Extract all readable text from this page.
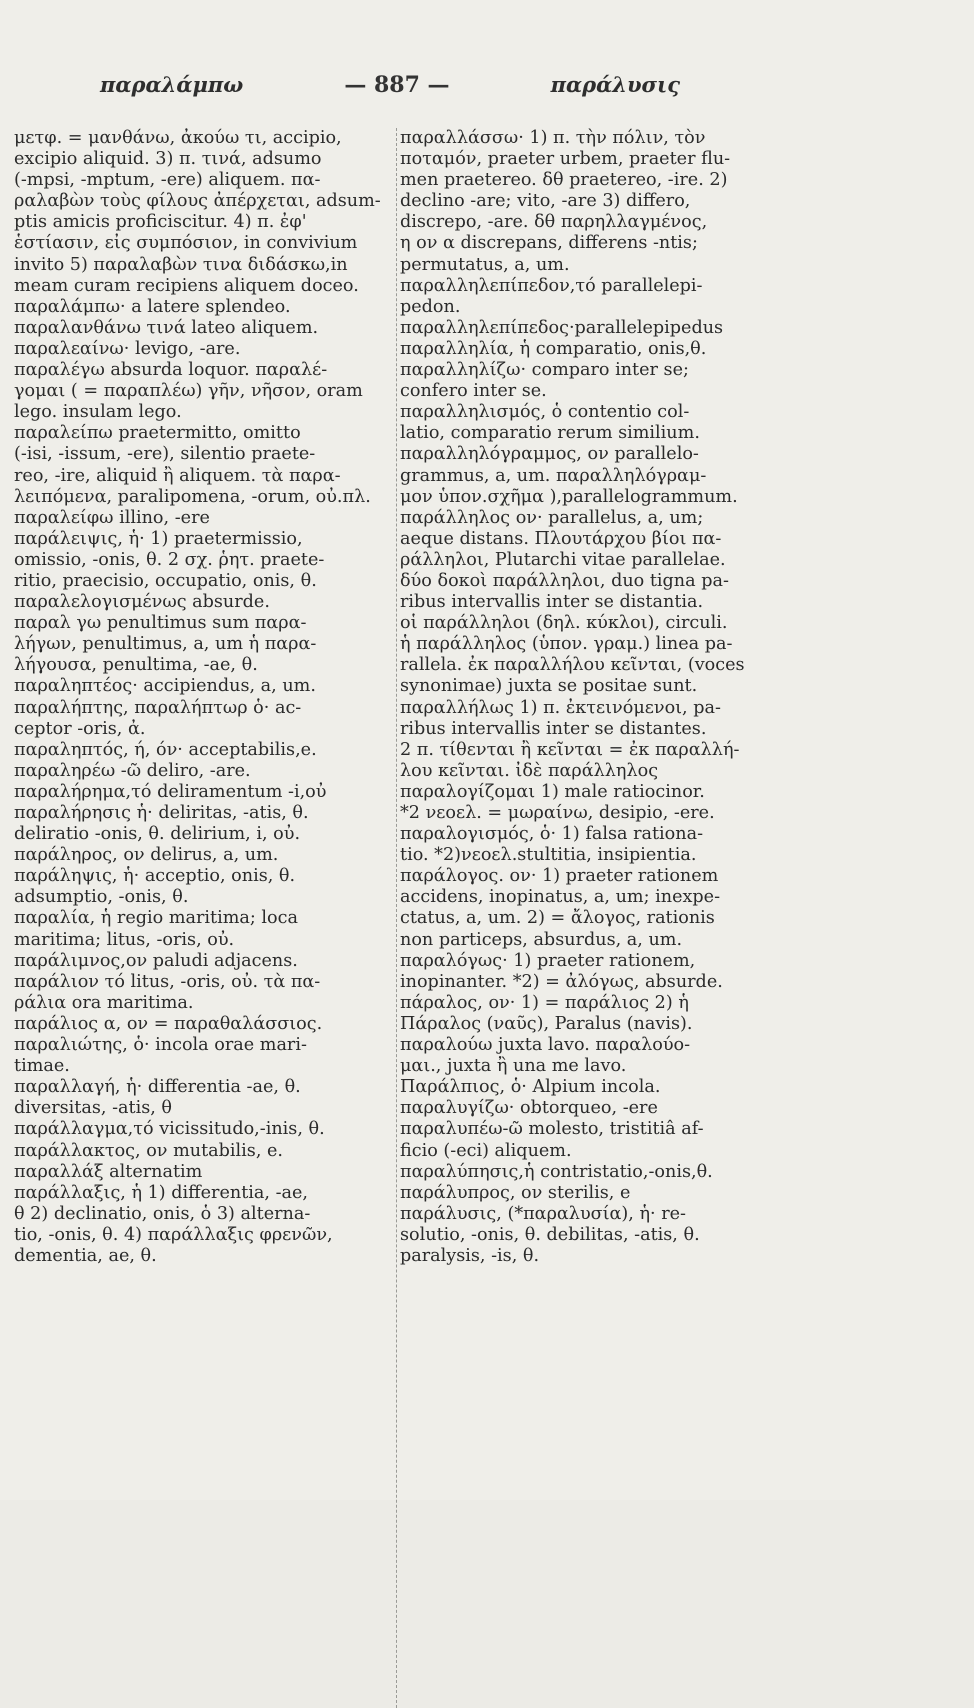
παραλάμπω	— 887 —	παράλυσις
μετφ. = μανθάνω, ἀκούω τι, accipio,
excipio aliquid. 3) π. τινά, adsumo
(-mpsi, -mptum, -ere) aliquem. πα-
ραλαβὼν τοὺς φίλους ἀπέρχεται, adsum-
ptis amicis proficiscitur. 4) π. ἐφ'
ἑστίασιν, εἰς συμπόσιον, in convivium
invito 5) παραλαβὼν τινα διδάσκω,in
meam curam recipiens aliquem doceo.
παραλάμπω· a latere splendeo.
παραλανθάνω τινά lateo aliquem.
παραλεαίνω· levigo, -are.
παραλέγω absurda loquor. παραλέ-
γομαι ( = παραπλέω) γῆν, νῆσον, oram
lego. insulam lego.
παραλείπω praetermitto, omitto
(-isi, -issum, -ere), silentio praete-
reo, -ire, aliquid ἢ aliquem. τὰ παρα-
λειπόμενα, paralipomena, -orum, οὐ.πλ.
παραλείφω illino, -ere
παράλειψις, ἡ· 1) praetermissio,
omissio, -onis, θ. 2 σχ. ῥητ. praete-
ritio, praecisio, occupatio, onis, θ.
παραλελογισμένως absurde.
παραλ γω penultimus sum παρα-
λήγων, penultimus, a, um ἡ παρα-
λήγουσα, penultima, -ae, θ.
παραληπτέος· accipiendus, a, um.
παραλήπτης, παραλήπτωρ ὁ· ac-
ceptor -oris, ἀ.
παραληπτός, ή, όν· acceptabilis,e.
παραληρέω -ῶ deliro, -are.
παραλήρημα,τό deliramentum -i,οὐ
παραλήρησις ἡ· deliritas, -atis, θ.
deliratio -onis, θ. delirium, i, οὐ.
παράληρος, ον delirus, a, um.
παράληψις, ἡ· acceptio, onis, θ.
adsumptio, -onis, θ.
παραλία, ἡ regio maritima; loca
maritima; litus, -oris, οὐ.
παράλιμνος,ον paludi adjacens.
παράλιον τό litus, -oris, οὐ. τὰ πα-
ράλια ora maritima.
παράλιος α, ον = παραθαλάσσιος.
παραλιώτης, ὁ· incola orae mari-
timae.
παραλλαγή, ἡ· differentia -ae, θ.
diversitas, -atis, θ
παράλλαγμα,τό vicissitudo,-inis, θ.
παράλλακτος, ον mutabilis, e.
παραλλάξ alternatim
παράλλαξις, ἡ 1) differentia, -ae,
θ 2) declinatio, onis, ὁ 3) alterna-
tio, -onis, θ. 4) παράλλαξις φρενῶν,
dementia, ae, θ.
παραλλάσσω· 1) π. τὴν πόλιν, τὸν
ποταμόν, praeter urbem, praeter flu-
men praetereo. δθ praetereo, -ire. 2)
declino -are; vito, -are 3) differo,
discrepo, -are. δθ παρηλλαγμένος,
η ον α discrepans, differens -ntis;
permutatus, a, um.
παραλληλεπίπεδον,τό parallelepi-
pedon.
παραλληλεπίπεδος·parallelepipedus
παραλληλία, ἡ comparatio, onis,θ.
παραλληλίζω· comparo inter se;
confero inter se.
παραλληλισμός, ὁ contentio col-
latio, comparatio rerum similium.
παραλληλόγραμμος, ον parallelo-
grammus, a, um. παραλληλόγραμ-
μον ὑπον.σχῆμα ),parallelogrammum.
παράλληλος ον· parallelus, a, um;
aeque distans. Πλουτάρχου βίοι πα-
ράλληλοι, Plutarchi vitae parallelae.
δύο δοκοὶ παράλληλοι, duo tigna pa-
ribus intervallis inter se distantia.
οἱ παράλληλοι (δηλ. κύκλοι), circuli.
ἡ παράλληλος (ὑπον. γραμ.) linea pa-
rallela. ἐκ παραλλήλου κεῖνται, (voces
synonimae) juxta se positae sunt.
παραλλήλως 1) π. ἐκτεινόμενοι, pa-
ribus intervallis inter se distantes.
2 π. τίθενται ἢ κεῖνται = ἐκ παραλλή-
λου κεῖνται. ἰδὲ παράλληλος
παραλογίζομαι 1) male ratiocinor.
*2 νεοελ. = μωραίνω, desipio, -ere.
παραλογισμός, ὁ· 1) falsa rationa-
tio. *2)νεοελ.stultitia, insipientia.
παράλογος. ον· 1) praeter rationem
accidens, inopinatus, a, um; inexpe-
ctatus, a, um. 2) = ἄλογος, rationis
non particeps, absurdus, a, um.
παραλόγως· 1) praeter rationem,
inopinanter. *2) = ἀλόγως, absurde.
πάραλος, ον· 1) = παράλιος 2) ἡ
Πάραλος (ναῦς), Paralus (navis).
παραλούω juxta lavo. παραλούο-
μαι., juxta ἢ una me lavo.
Παράλπιος, ὁ· Alpium incola.
παραλυγίζω· obtorqueo, -ere
παραλυπέω-ῶ molesto, tristitiâ af-
ficio (-eci) aliquem.
παραλύπησις,ἡ contristatio,-onis,θ.
παράλυπρος, ον sterilis, e
παράλυσις, (*παραλυσία), ἡ· re-
solutio, -onis, θ. debilitas, -atis, θ.
paralysis, -is, θ.
